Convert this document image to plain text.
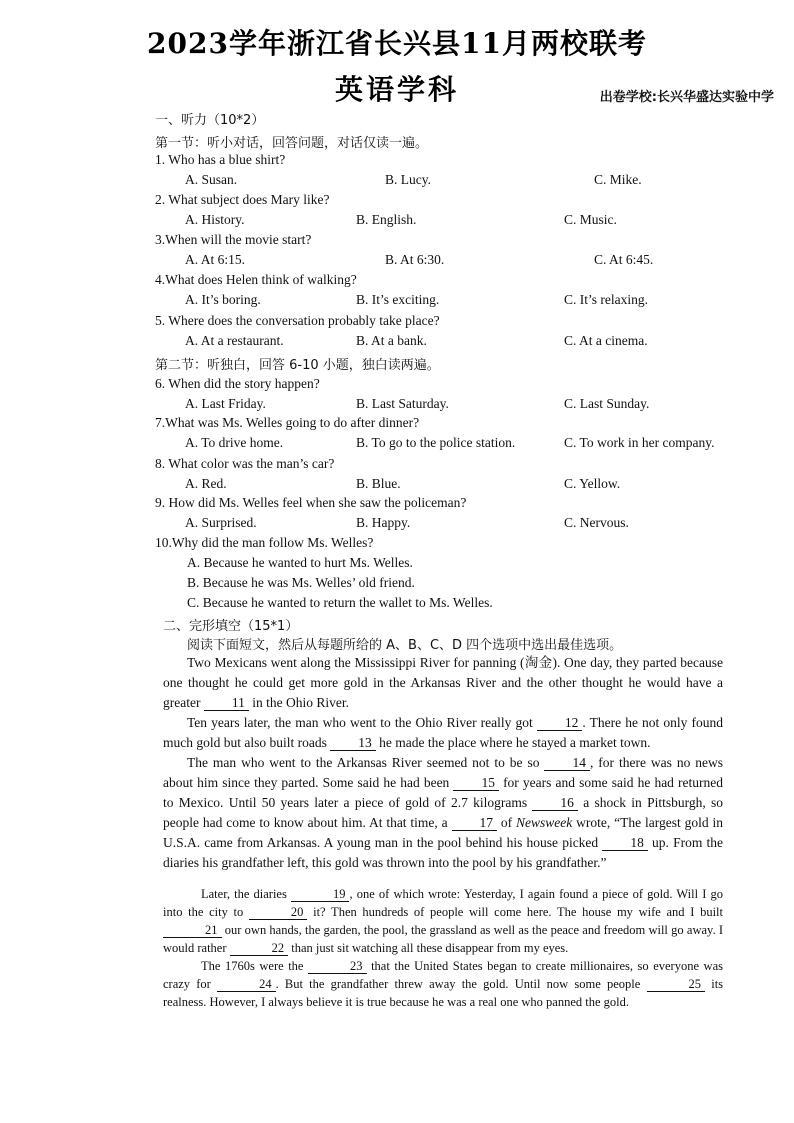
2023学年浙江省长兴县11月两校联考
英语学科	出卷学校:长兴华盛达实验中学
一、听力（10*2）
第一节：听小对话，回答问题，对话仅读一遍。
1. Who has a blue shirt?
A. Susan.	B. Lucy.	C. Mike.
2. What subject does Mary like?
A. History.	B. English.	C. Music.
3.When will the movie start?
A. At 6:15.	B. At 6:30.	C. At 6:45.
4.What does Helen think of walking?
A. It’s boring.	B. It’s exciting.	C. It’s relaxing.
5. Where does the conversation probably take place?
A. At a restaurant.	B. At a bank.	C. At a cinema.
第二节：听独白，回答 6-10 小题，独白读两遍。
6. When did the story happen?
A. Last Friday.	B. Last Saturday.	C. Last Sunday.
7.What was Ms. Welles going to do after dinner?
A. To drive home.	B. To go to the police station.	C. To work in her company.
8. What color was the man’s car?
A. Red.	B. Blue.	C. Yellow.
9. How did Ms. Welles feel when she saw the policeman?
A. Surprised.	B. Happy.	C. Nervous.
10.Why did the man follow Ms. Welles?
A. Because he wanted to hurt Ms. Welles.
B. Because he was Ms. Welles’ old friend.
C. Because he wanted to return the wallet to Ms. Welles.
二、完形填空（15*1）
阅读下面短文，然后从每题所给的 A、B、C、D 四个选项中选出最佳选项。
Two Mexicans went along the Mississippi River for panning (淘金). One day, they parted because one thought he could get more gold in the Arkansas River and the other thought he would have a greater 11 in the Ohio River.
Ten years later, the man who went to the Ohio River really got 12 . There he not only found much gold but also built roads 13 he made the place where he stayed a market town.
The man who went to the Arkansas River seemed not to be so 14 , for there was no news about him since they parted. Some said he had been 15 for years and some said he had returned to Mexico. Until 50 years later a piece of gold of 2.7 kilograms 16 a shock in Pittsburgh, so people had come to know about him. At that time, a 17 of Newsweek wrote, “The largest gold in U.S.A. came from Arkansas. A young man in the pool behind his house picked 18 up. From the diaries his grandfather left, this gold was thrown into the pool by his grandfather.”
Later, the diaries	19 , one of which wrote: Yesterday, I again found a piece of gold. Will I go into the city to	20 it? Then hundreds of people will come here. The house my wife and I built 21 our own hands, the garden, the pool, the grassland as well as the peace and freedom will go away. I would rather	22 than just sit watching all these disappear from my eyes.
The 1760s were the	23 that the United States began to create millionaires, so everyone was crazy for	24 . But the grandfather threw away the gold. Until now some people	25 its realness. However, I always believe it is true because he was a real one who panned the gold.
